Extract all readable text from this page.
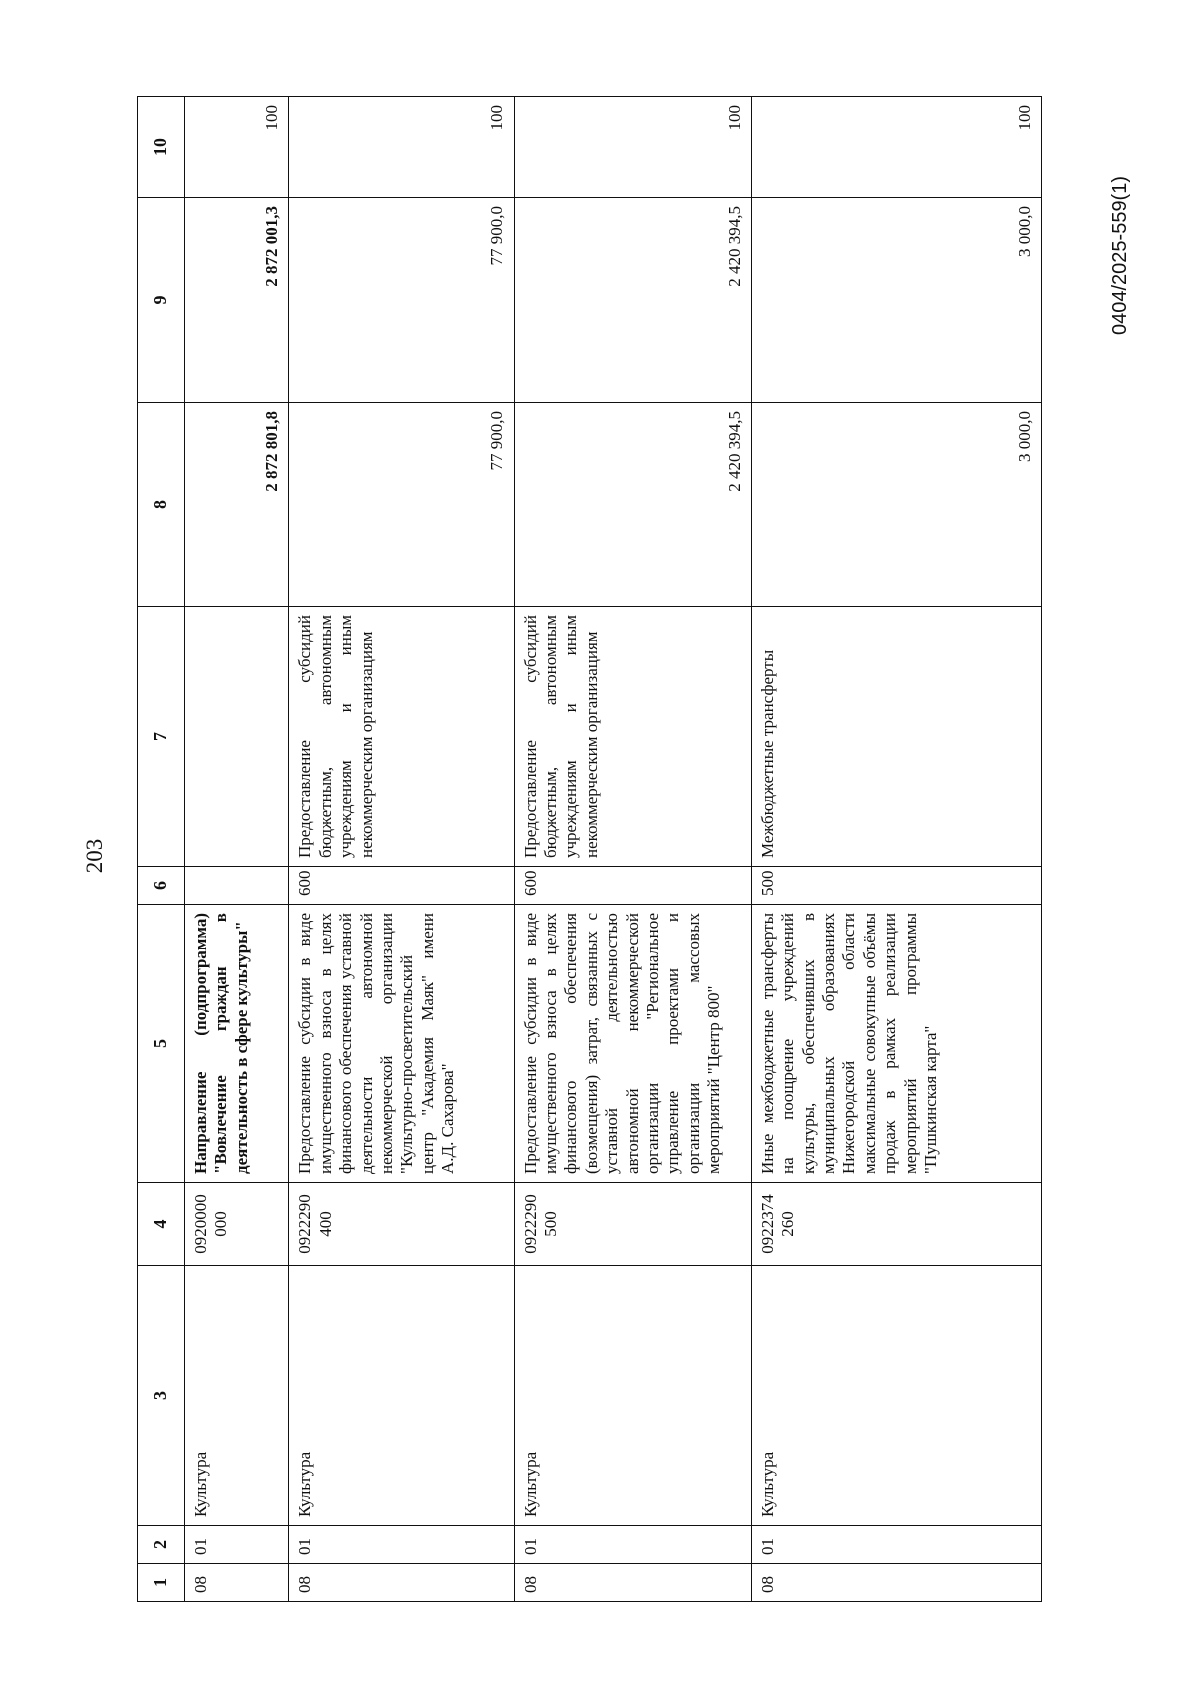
203
0404/2025-559(1)
1	2	3	4	5	6	7	8	9	10
08	01	Культура	0920000000	Направление (подпрограмма) "Вовлечение граждан в деятельность в сфере культуры"			2 872 801,8	2 872 001,3	100
08	01	Культура	0922290400	Предоставление субсидии в виде имущественного взноса в целях финансового обеспечения уставной деятельности автономной некоммерческой организации "Культурно-просветительский центр "Академия Маяк" имени А.Д. Сахарова"	600	Предоставление субсидий бюджетным, автономным учреждениям и иным некоммерческим организациям	77 900,0	77 900,0	100
08	01	Культура	0922290500	Предоставление субсидии в виде имущественного взноса в целях финансового обеспечения (возмещения) затрат, связанных с уставной деятельностью автономной некоммерческой организации "Региональное управление проектами и организации массовых мероприятий "Центр 800"	600	Предоставление субсидий бюджетным, автономным учреждениям и иным некоммерческим организациям	2 420 394,5	2 420 394,5	100
08	01	Культура	0922374260	Иные межбюджетные трансферты на поощрение учреждений культуры, обеспечивших в муниципальных образованиях Нижегородской области максимальные совокупные объёмы продаж в рамках реализации мероприятий программы "Пушкинская карта"	500	Межбюджетные трансферты	3 000,0	3 000,0	100
